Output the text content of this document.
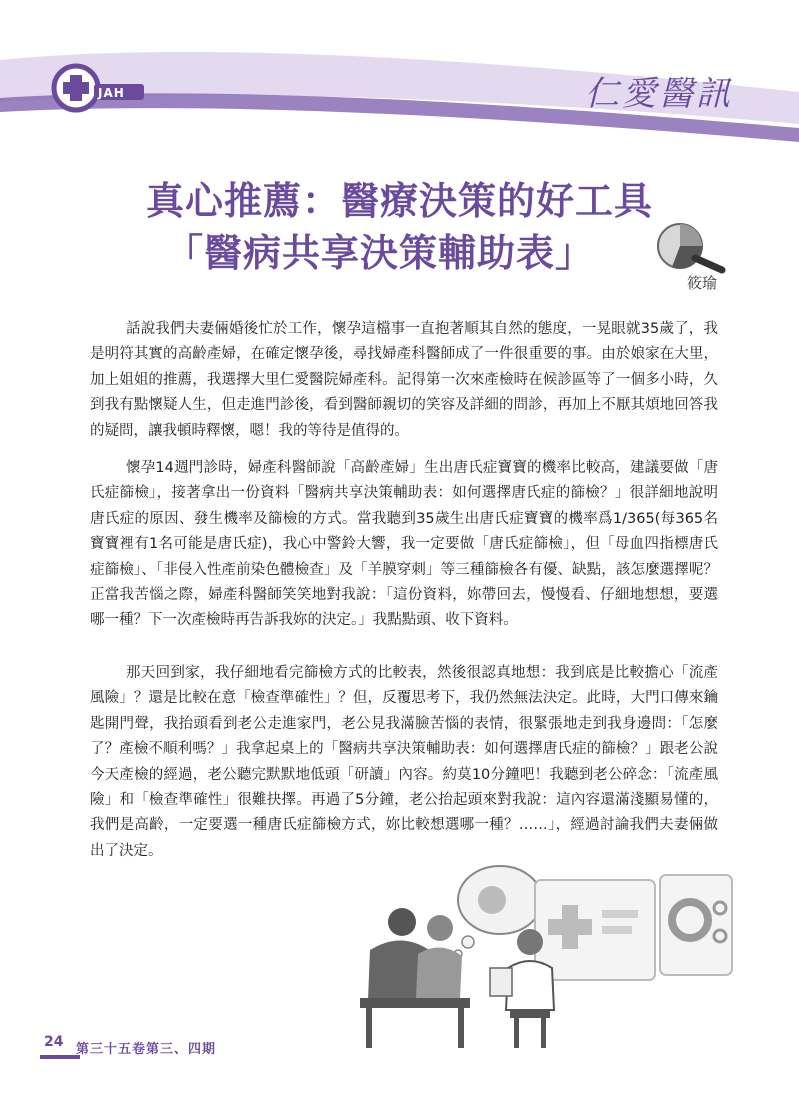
JAH	仁愛醫訊
真心推薦：醫療決策的好工具
「醫病共享決策輔助表」
筱瑜

話說我們夫妻倆婚後忙於工作，懷孕這檔事一直抱著順其自然的態度，一晃眼就35歲了，我是明符其實的高齡產婦，在確定懷孕後，尋找婦產科醫師成了一件很重要的事。由於娘家在大里，加上姐姐的推薦，我選擇大里仁愛醫院婦產科。記得第一次來產檢時在候診區等了一個多小時，久到我有點懷疑人生，但走進門診後，看到醫師親切的笑容及詳細的問診，再加上不厭其煩地回答我的疑問，讓我頓時釋懷，嗯！我的等待是值得的。

懷孕14週門診時，婦產科醫師說「高齡產婦」生出唐氏症寶寶的機率比較高，建議要做「唐氏症篩檢」，接著拿出一份資料「醫病共享決策輔助表：如何選擇唐氏症的篩檢？」很詳細地說明唐氏症的原因、發生機率及篩檢的方式。當我聽到35歲生出唐氏症寶寶的機率爲1/365(每365名寶寶裡有1名可能是唐氏症)，我心中警鈴大響，我一定要做「唐氏症篩檢」，但「母血四指標唐氏症篩檢」、「非侵入性產前染色體檢查」及「羊膜穿刺」等三種篩檢各有優、缺點，該怎麼選擇呢？正當我苦惱之際，婦產科醫師笑笑地對我說：「這份資料，妳帶回去，慢慢看、仔細地想想，要選哪一種？下一次產檢時再告訴我妳的決定。」我點點頭、收下資料。

那天回到家，我仔細地看完篩檢方式的比較表，然後很認真地想：我到底是比較擔心「流產風險」？還是比較在意「檢查準確性」？但，反覆思考下，我仍然無法決定。此時，大門口傳來鑰匙開門聲，我抬頭看到老公走進家門，老公見我滿臉苦惱的表情，很緊張地走到我身邊問：「怎麼了？產檢不順利嗎？」我拿起桌上的「醫病共享決策輔助表：如何選擇唐氏症的篩檢？」跟老公說今天產檢的經過，老公聽完默默地低頭「研讀」內容。約莫10分鐘吧！我聽到老公碎念：「流產風險」和「檢查準確性」很難抉擇。再過了5分鐘，老公抬起頭來對我說：這內容還滿淺顯易懂的，我們是高齡，一定要選一種唐氏症篩檢方式，妳比較想選哪一種？……」，經過討論我們夫妻倆做出了決定。

24 第三十五卷第三、四期
